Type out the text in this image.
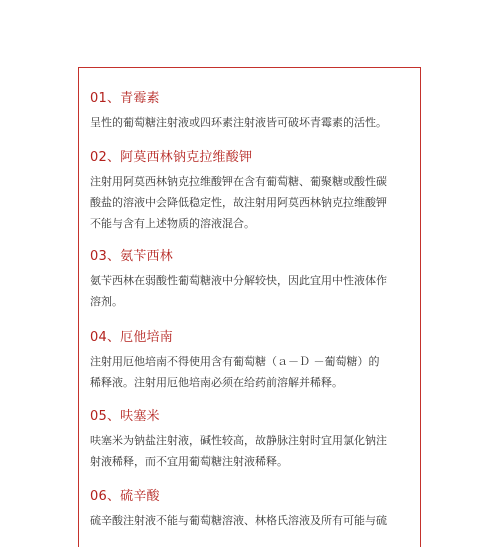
01、青霉素
呈性的葡萄糖注射液或四环素注射液皆可破坏青霉素的活性。
02、阿莫西林钠克拉维酸钾
注射用阿莫西林钠克拉维酸钾在含有葡萄糖、葡聚糖或酸性碳
酸盐的溶液中会降低稳定性，故注射用阿莫西林钠克拉维酸钾
不能与含有上述物质的溶液混合。
03、氨苄西林
氨苄西林在弱酸性葡萄糖液中分解较快，因此宜用中性液体作
溶剂。
04、厄他培南
注射用厄他培南不得使用含有葡萄糖（ａ－Ｄ －葡萄糖）的
稀释液。注射用厄他培南必须在给药前溶解并稀释。
05、呋塞米
呋塞米为钠盐注射液，碱性较高，故静脉注射时宜用氯化钠注
射液稀释，而不宜用葡萄糖注射液稀释。
06、硫辛酸
硫辛酸注射液不能与葡萄糖溶液、林格氏溶液及所有可能与硫
